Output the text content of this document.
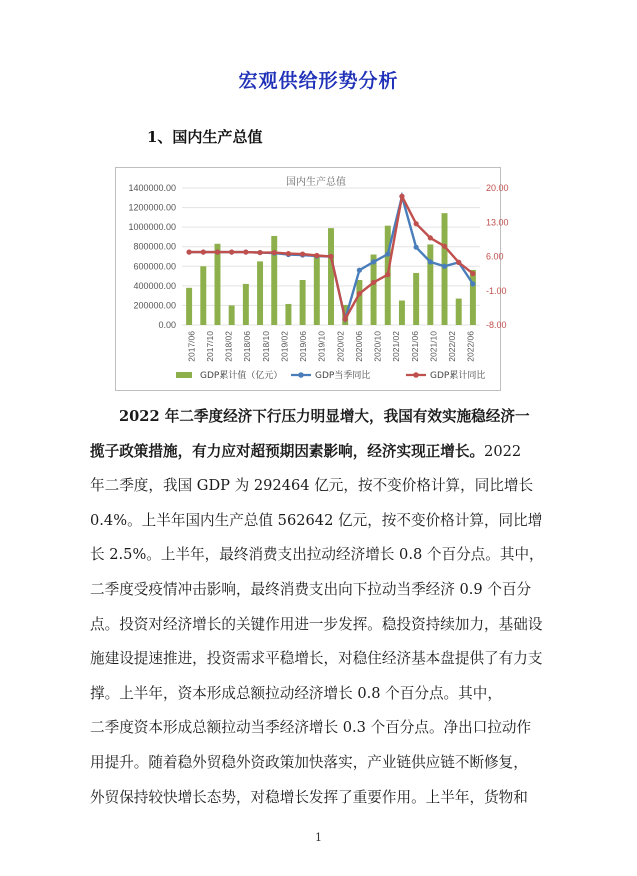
宏观供给形势分析
1、国内生产总值
0.00
200000.00
400000.00
600000.00
800000.00
1000000.00
1200000.00
1400000.00
-8.00
-1.00
6.00
13.00
20.00
国内生产总值
2017/06 2017/10 2018/02 2018/06 2018/10 2019/02 2019/06 2019/10 2020/02 2020/06 2020/10 2021/02 2021/06 2021/10 2022/02 2022/06
GDP累计值（亿元）	GDP当季同比	GDP累计同比
2022 年二季度经济下行压力明显增大，我国有效实施稳经济一
揽子政策措施，有力应对超预期因素影响，经济实现正增长。2022
年二季度，我国 GDP 为 292464 亿元，按不变价格计算，同比增长
0.4%。上半年国内生产总值 562642 亿元，按不变价格计算，同比增
长 2.5%。上半年，最终消费支出拉动经济增长 0.8 个百分点。其中，
二季度受疫情冲击影响，最终消费支出向下拉动当季经济 0.9 个百分
点。投资对经济增长的关键作用进一步发挥。稳投资持续加力，基础设
施建设提速推进，投资需求平稳增长，对稳住经济基本盘提供了有力支
撑。上半年，资本形成总额拉动经济增长 0.8 个百分点。其中，
二季度资本形成总额拉动当季经济增长 0.3 个百分点。净出口拉动作
用提升。随着稳外贸稳外资政策加快落实，产业链供应链不断修复，
外贸保持较快增长态势，对稳增长发挥了重要作用。上半年，货物和
1
